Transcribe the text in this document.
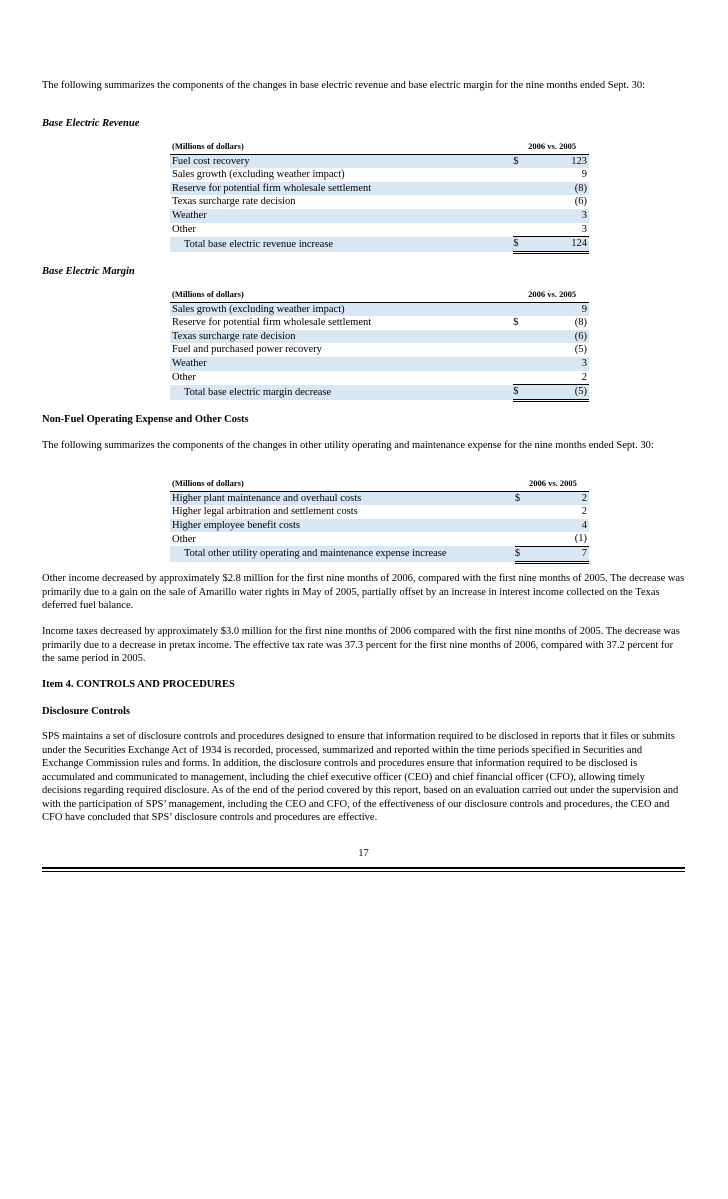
The following summarizes the components of the changes in base electric revenue and base electric margin for the nine months ended Sept. 30:

Base Electric Revenue
(Millions of dollars)	2006 vs. 2005	
Fuel cost recovery	$	123
Sales growth (excluding weather impact)		9
Reserve for potential firm wholesale settlement		(8)
Texas surcharge rate decision		(6)
Weather		3
Other		3
Total base electric revenue increase	$	124
Base Electric Margin
(Millions of dollars)	2006 vs. 2005	
Sales growth (excluding weather impact)		9
Reserve for potential firm wholesale settlement	$	(8)
Texas surcharge rate decision		(6)
Fuel and purchased power recovery		(5)
Weather		3
Other		2
Total base electric margin decrease	$	(5)
Non-Fuel Operating Expense and Other Costs

The following summarizes the components of the changes in other utility operating and maintenance expense for the nine months ended Sept. 30:

(Millions of dollars)	2006 vs. 2005	
Higher plant maintenance and overhaul costs	$	2
Higher legal arbitration and settlement costs		2
Higher employee benefit costs		4
Other		(1)
Total other utility operating and maintenance expense increase	$	7

Other income decreased by approximately $2.8 million for the first nine months of 2006, compared with the first nine months of 2005. The decrease was primarily due to a gain on the sale of Amarillo water rights in May of 2005, partially offset by an increase in interest income collected on the Texas deferred fuel balance.

Income taxes decreased by approximately $3.0 million for the first nine months of 2006 compared with the first nine months of 2005. The decrease was primarily due to a decrease in pretax income. The effective tax rate was 37.3 percent for the first nine months of 2006, compared with 37.2 percent for the same period in 2005.

Item 4. CONTROLS AND PROCEDURES
Disclosure Controls

SPS maintains a set of disclosure controls and procedures designed to ensure that information required to be disclosed in reports that it files or submits under the Securities Exchange Act of 1934 is recorded, processed, summarized and reported within the time periods specified in Securities and Exchange Commission rules and forms. In addition, the disclosure controls and procedures ensure that information required to be disclosed is accumulated and communicated to management, including the chief executive officer (CEO) and chief financial officer (CFO), allowing timely decisions regarding required disclosure. As of the end of the period covered by this report, based on an evaluation carried out under the supervision and with the participation of SPS’ management, including the CEO and CFO, of the effectiveness of our disclosure controls and procedures, the CEO and CFO have concluded that SPS’ disclosure controls and procedures are effective.

17
